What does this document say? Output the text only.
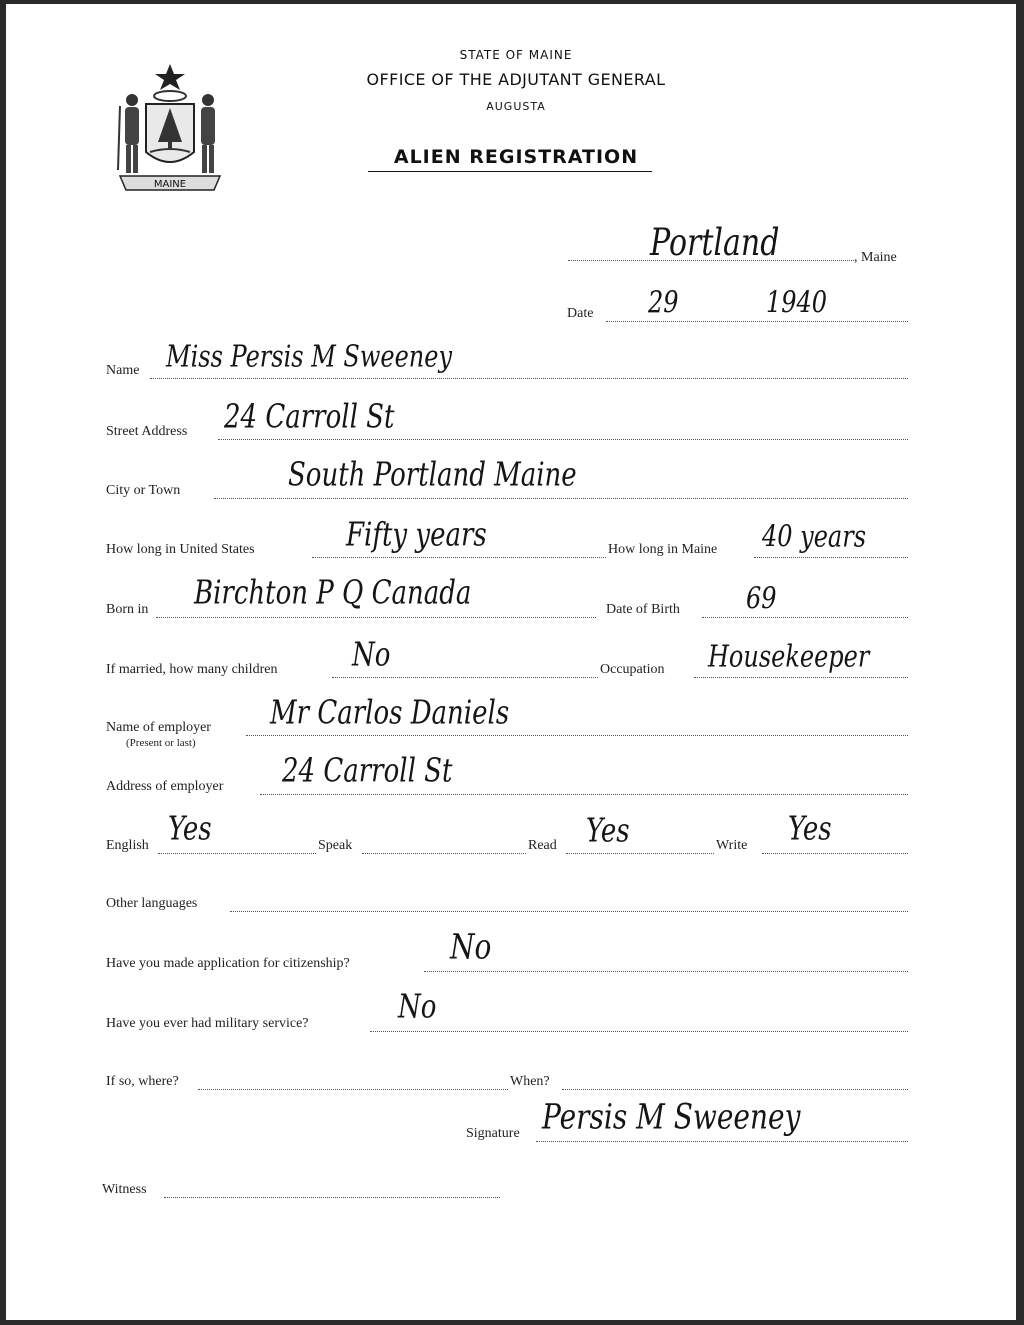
MAINE
STATE OF MAINE
OFFICE OF THE ADJUTANT GENERAL
AUGUSTA
ALIEN REGISTRATION
Portland	, Maine
Date 29	1940
Name Miss Persis M Sweeney
Street Address 24 Carroll St
City or Town	South Portland Maine
How long in United States	Fifty years	How long in Maine 40 years
Born in Birchton P Q Canada	Date of Birth	69
If married, how many children	No	Occupation Housekeeper
Name of employer
(Present or last)
Mr Carlos Daniels
Address of employer 24 Carroll St
English Yes	Speak	Read Yes	Write Yes
Other languages
Have you made application for citizenship?	No
Have you ever had military service?	No
If so, where?	When?
Signature Persis M Sweeney
Witness
